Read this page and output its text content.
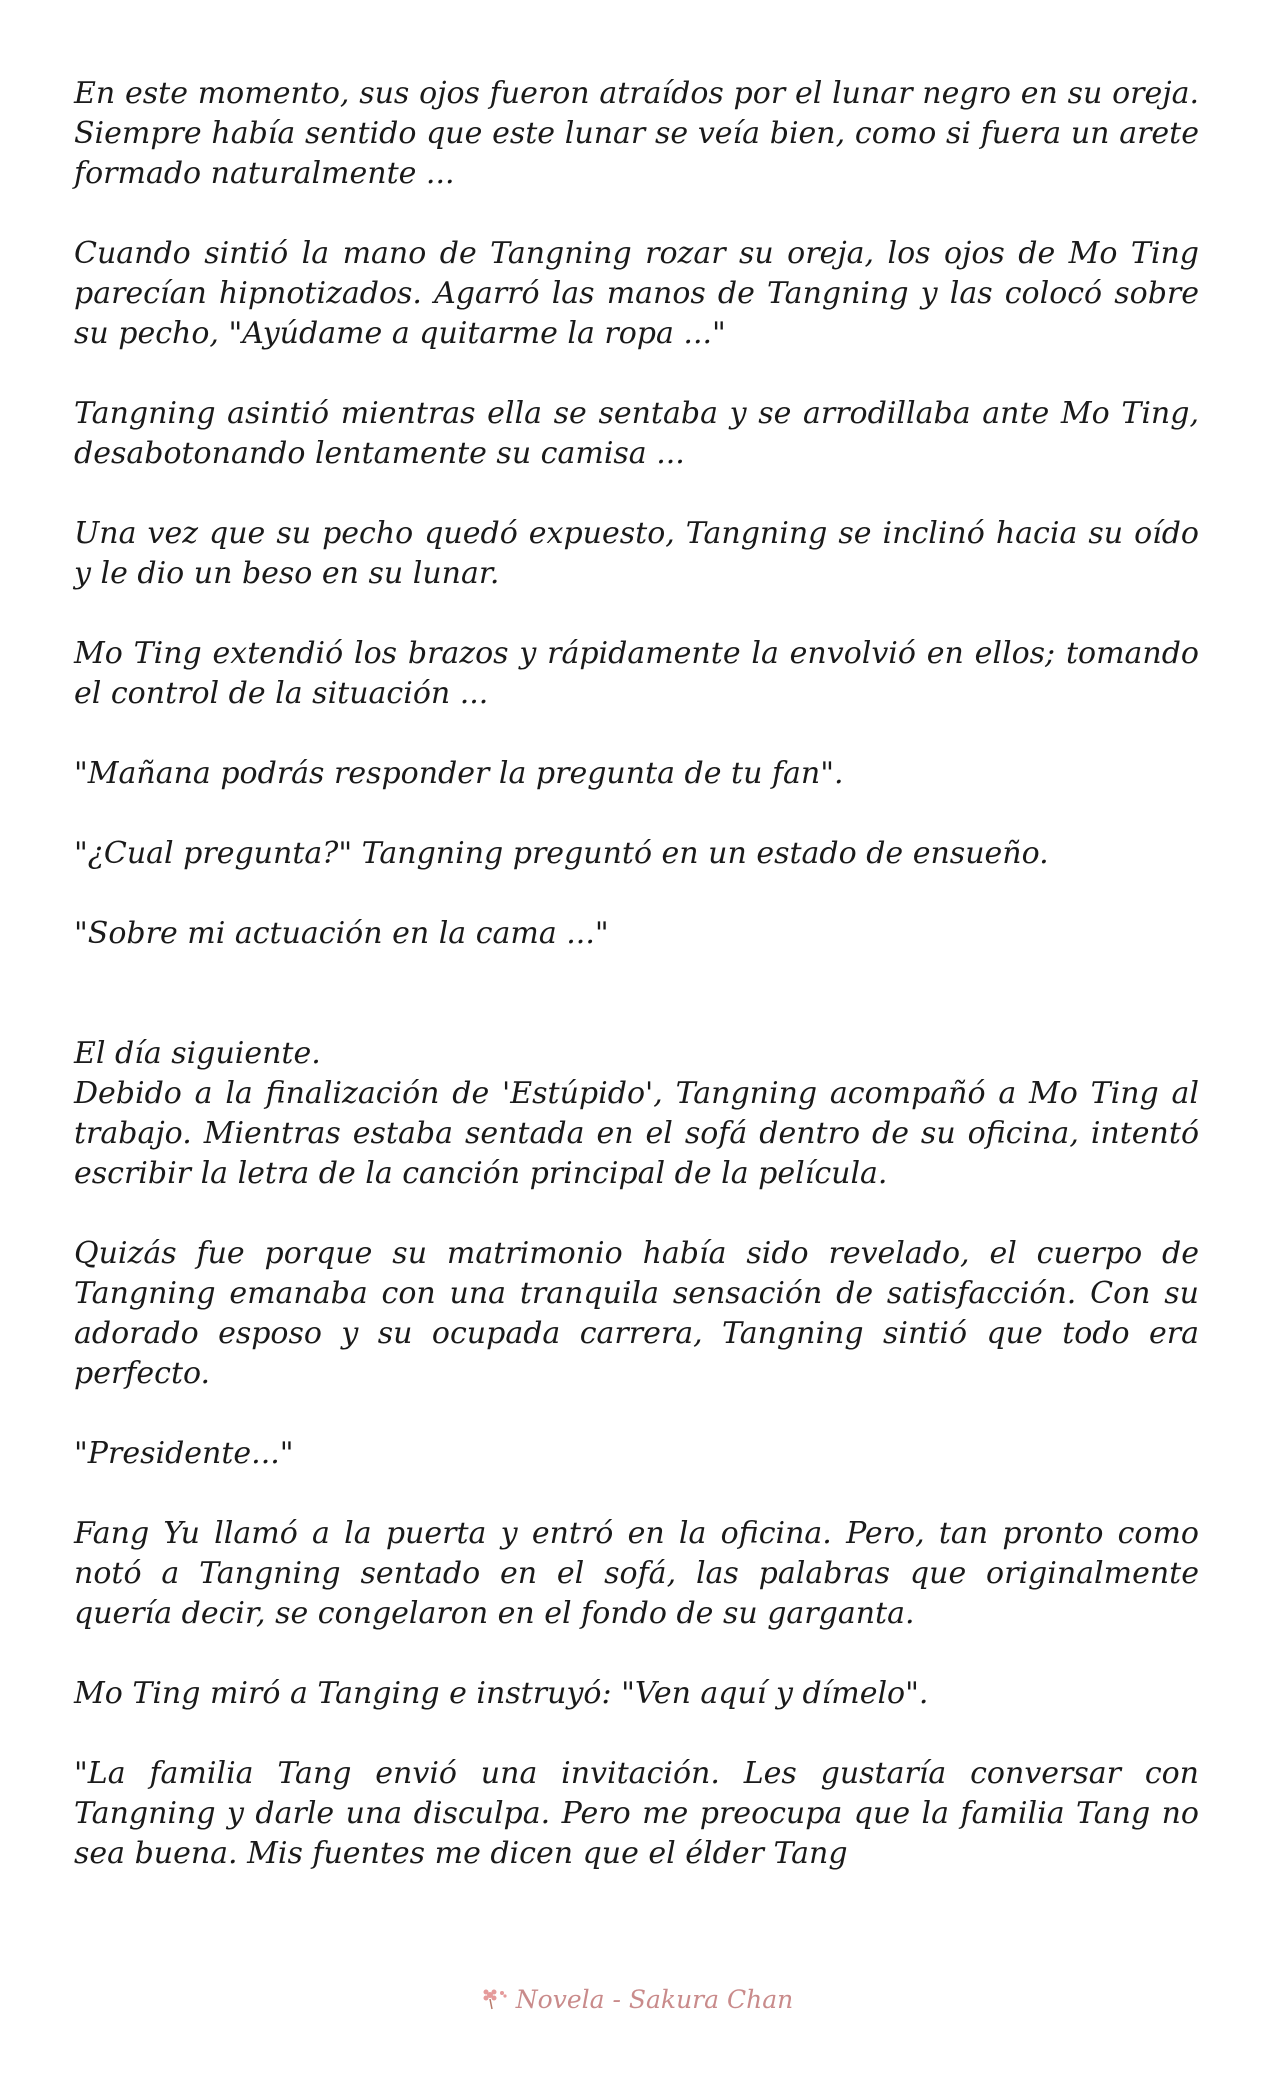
En este momento, sus ojos fueron atraídos por el lunar negro en su oreja. Siempre había sentido que este lunar se veía bien, como si fuera un arete formado naturalmente ...

Cuando sintió la mano de Tangning rozar su oreja, los ojos de Mo Ting parecían hipnotizados. Agarró las manos de Tangning y las colocó sobre su pecho, "Ayúdame a quitarme la ropa ..."

Tangning asintió mientras ella se sentaba y se arrodillaba ante Mo Ting, desabotonando lentamente su camisa ...

Una vez que su pecho quedó expuesto, Tangning se inclinó hacia su oído y le dio un beso en su lunar.

Mo Ting extendió los brazos y rápidamente la envolvió en ellos; tomando el control de la situación ...

"Mañana podrás responder la pregunta de tu fan".

"¿Cual pregunta?" Tangning preguntó en un estado de ensueño.

"Sobre mi actuación en la cama ..."

El día siguiente.

Debido a la finalización de 'Estúpido', Tangning acompañó a Mo Ting al trabajo. Mientras estaba sentada en el sofá dentro de su oficina, intentó escribir la letra de la canción principal de la película.

Quizás fue porque su matrimonio había sido revelado, el cuerpo de Tangning emanaba con una tranquila sensación de satisfacción. Con su adorado esposo y su ocupada carrera, Tangning sintió que todo era perfecto.

"Presidente..."

Fang Yu llamó a la puerta y entró en la oficina. Pero, tan pronto como notó a Tangning sentado en el sofá, las palabras que originalmente quería decir, se congelaron en el fondo de su garganta.

Mo Ting miró a Tanging e instruyó: "Ven aquí y dímelo".

"La familia Tang envió una invitación. Les gustaría conversar con Tangning y darle una disculpa. Pero me preocupa que la familia Tang no sea buena. Mis fuentes me dicen que el élder Tang

Novela - Sakura Chan
